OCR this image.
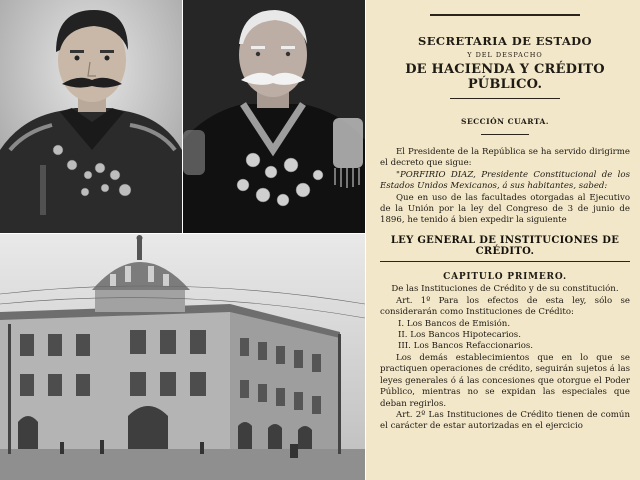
SECRETARIA DE ESTADO
Y DEL DESPACHO
DE HACIENDA Y CRÉDITO PÚBLICO.
SECCIÓN CUARTA.

El Presidente de la República se ha servido dirigirme el decreto que sigue:

"PORFIRIO DIAZ, Presidente Constitucional de los Estados Unidos Mexicanos, á sus habitantes, sabed:

Que en uso de las facultades otorgadas al Ejecutivo de la Unión por la ley del Congreso de 3 de junio de 1896, he tenido á bien expedir la siguiente

LEY GENERAL DE INSTITUCIONES DE CRÉDITO.
CAPITULO PRIMERO.
De las Instituciones de Crédito y de su constitución.

Art. 1º Para los efectos de esta ley, sólo se considerarán como Instituciones de Crédito:

I. Los Bancos de Emisión.
II. Los Bancos Hipotecarios.
III. Los Bancos Refaccionarios.

Los demás establecimientos que en lo que se practiquen operaciones de crédito, seguirán sujetos á las leyes generales ó á las concesiones que otorgue el Poder Público, mientras no se expidan las especiales que deban regirlos.

Art. 2º Las Instituciones de Crédito tienen de común el carácter de estar autorizadas en el ejercicio
